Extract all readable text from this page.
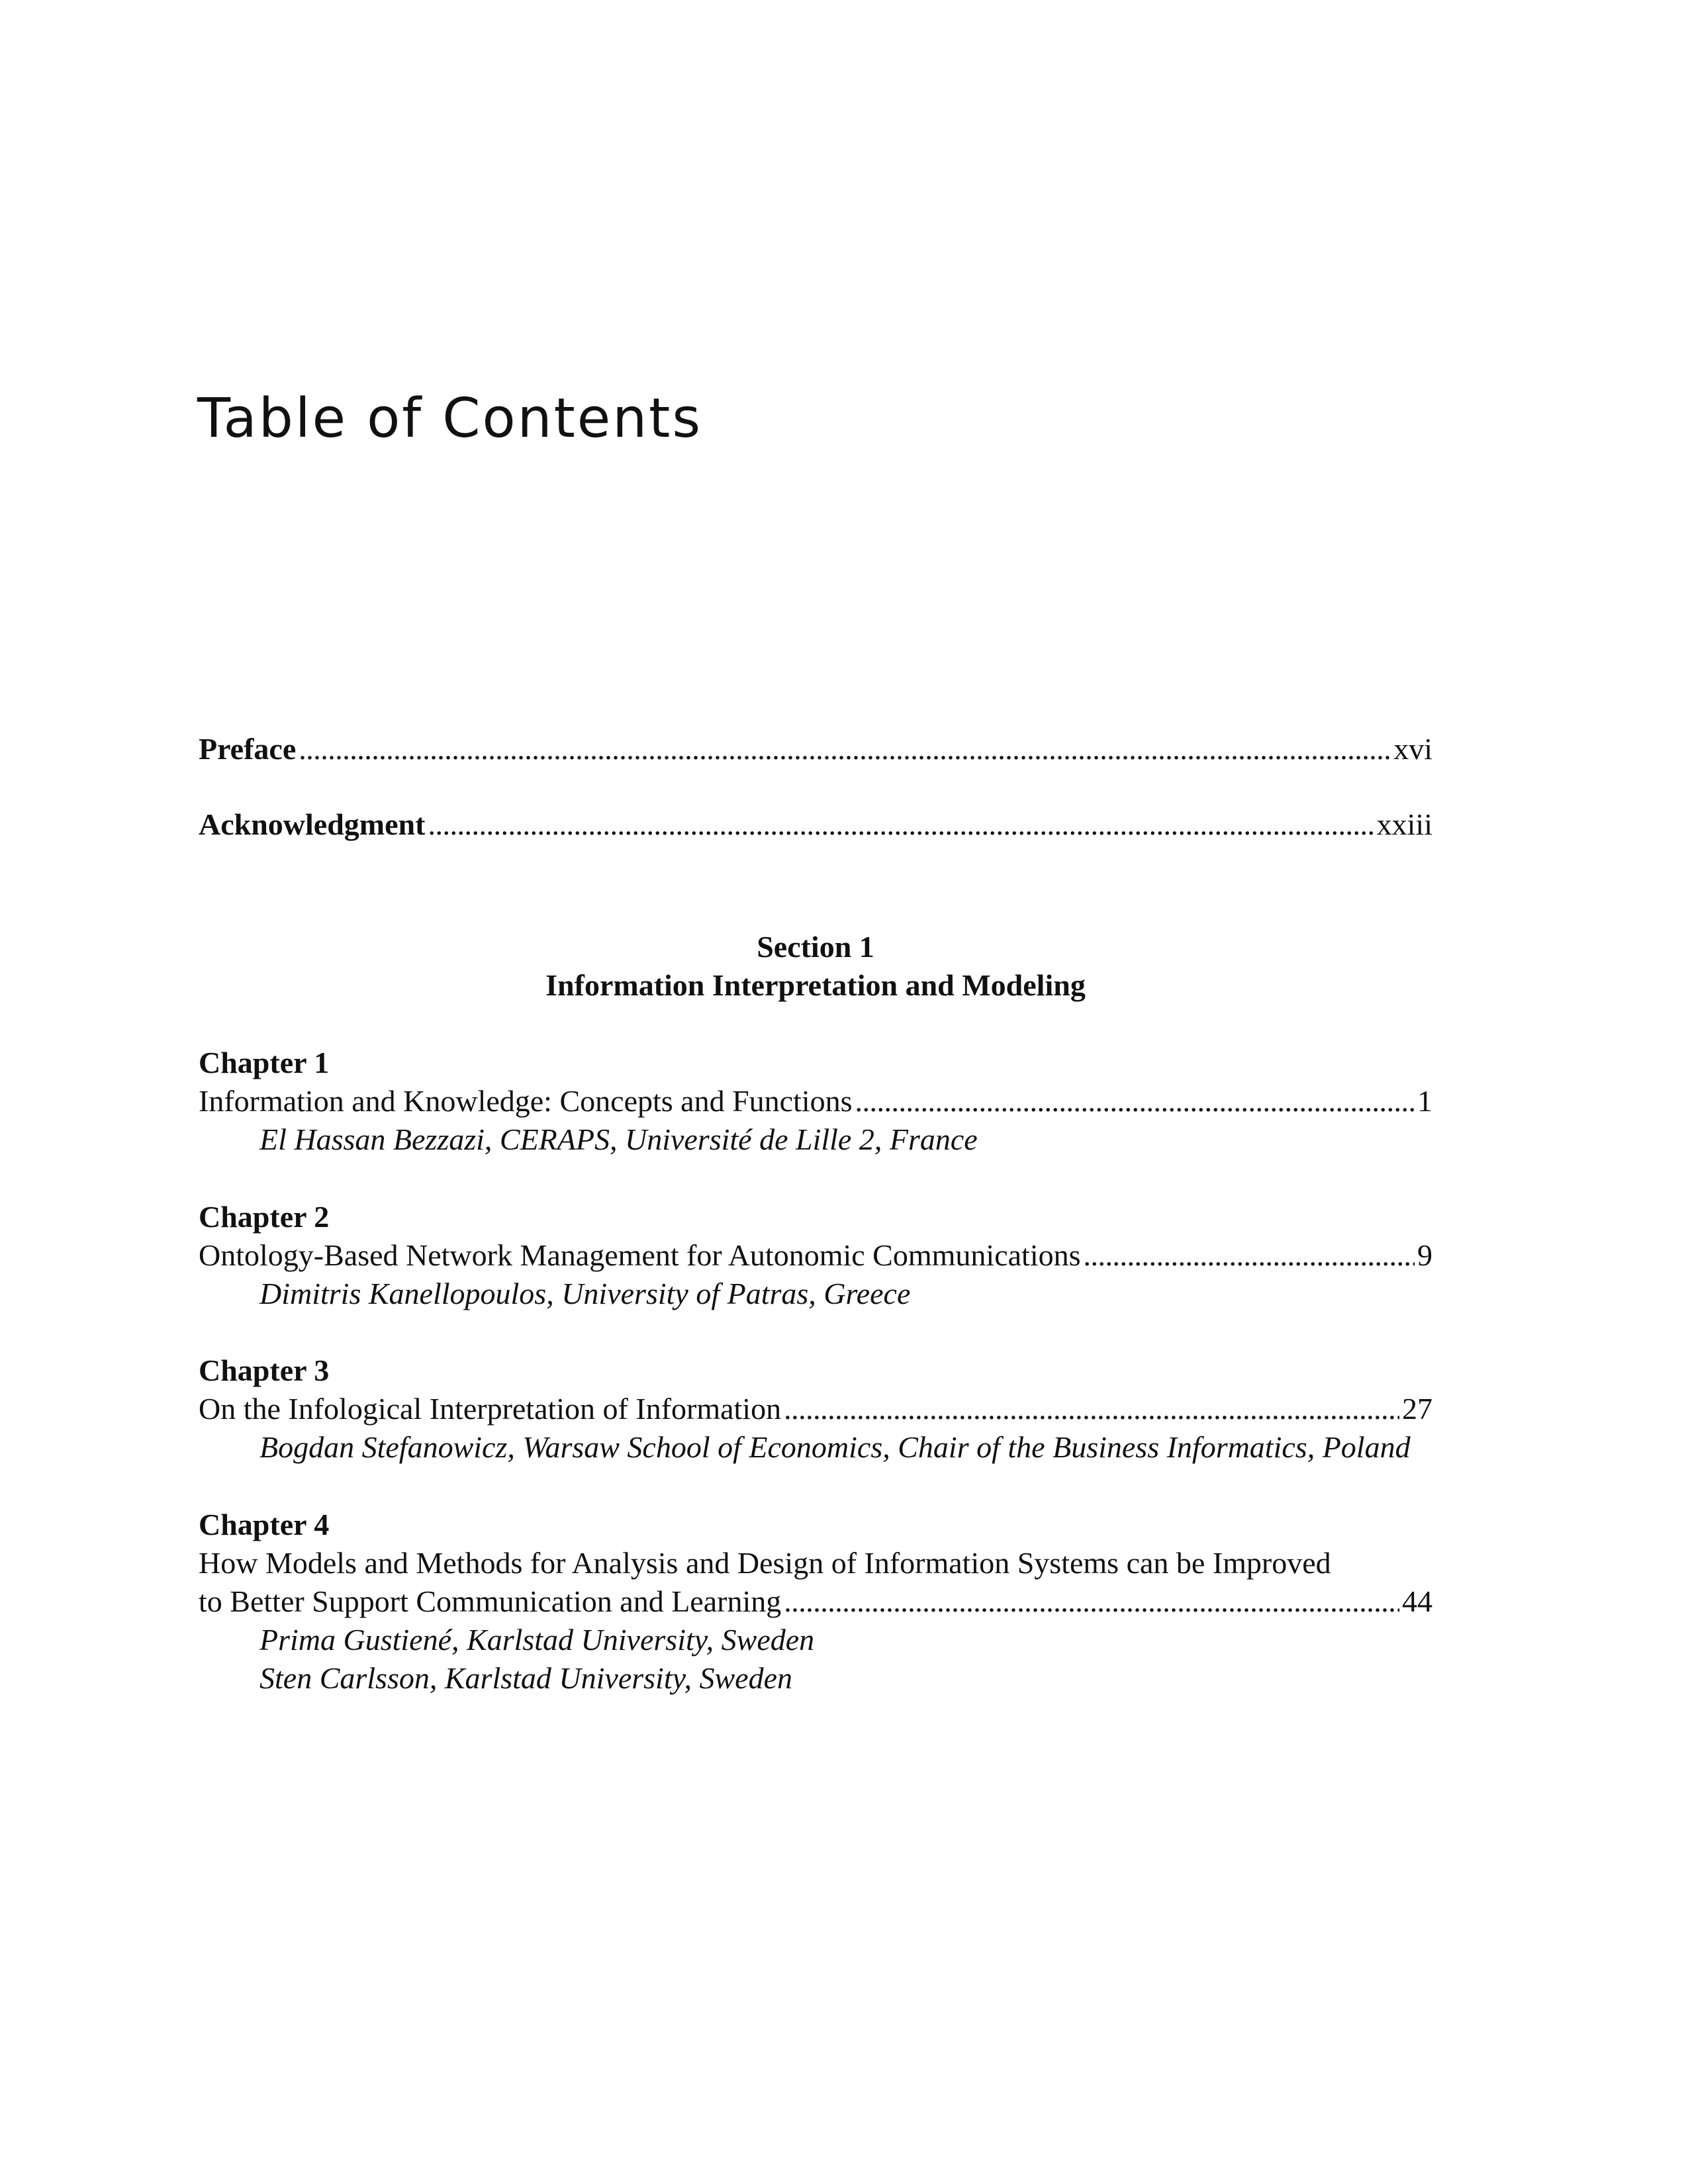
Table of Contents
Preface . . .	xvi
Acknowledgment . . .	xxiii
Section 1
Information Interpretation and Modeling
Chapter 1
Information and Knowledge: Concepts and Functions . . .	1
El Hassan Bezzazi, CERAPS, Université de Lille 2, France
Chapter 2
Ontology-Based Network Management for Autonomic Communications . . .	9
Dimitris Kanellopoulos, University of Patras, Greece
Chapter 3
On the Infological Interpretation of Information . . .	27
Bogdan Stefanowicz, Warsaw School of Economics, Chair of the Business Informatics, Poland
Chapter 4
How Models and Methods for Analysis and Design of Information Systems can be Improved
to Better Support Communication and Learning . . .	44
Prima Gustiené, Karlstad University, Sweden
Sten Carlsson, Karlstad University, Sweden
